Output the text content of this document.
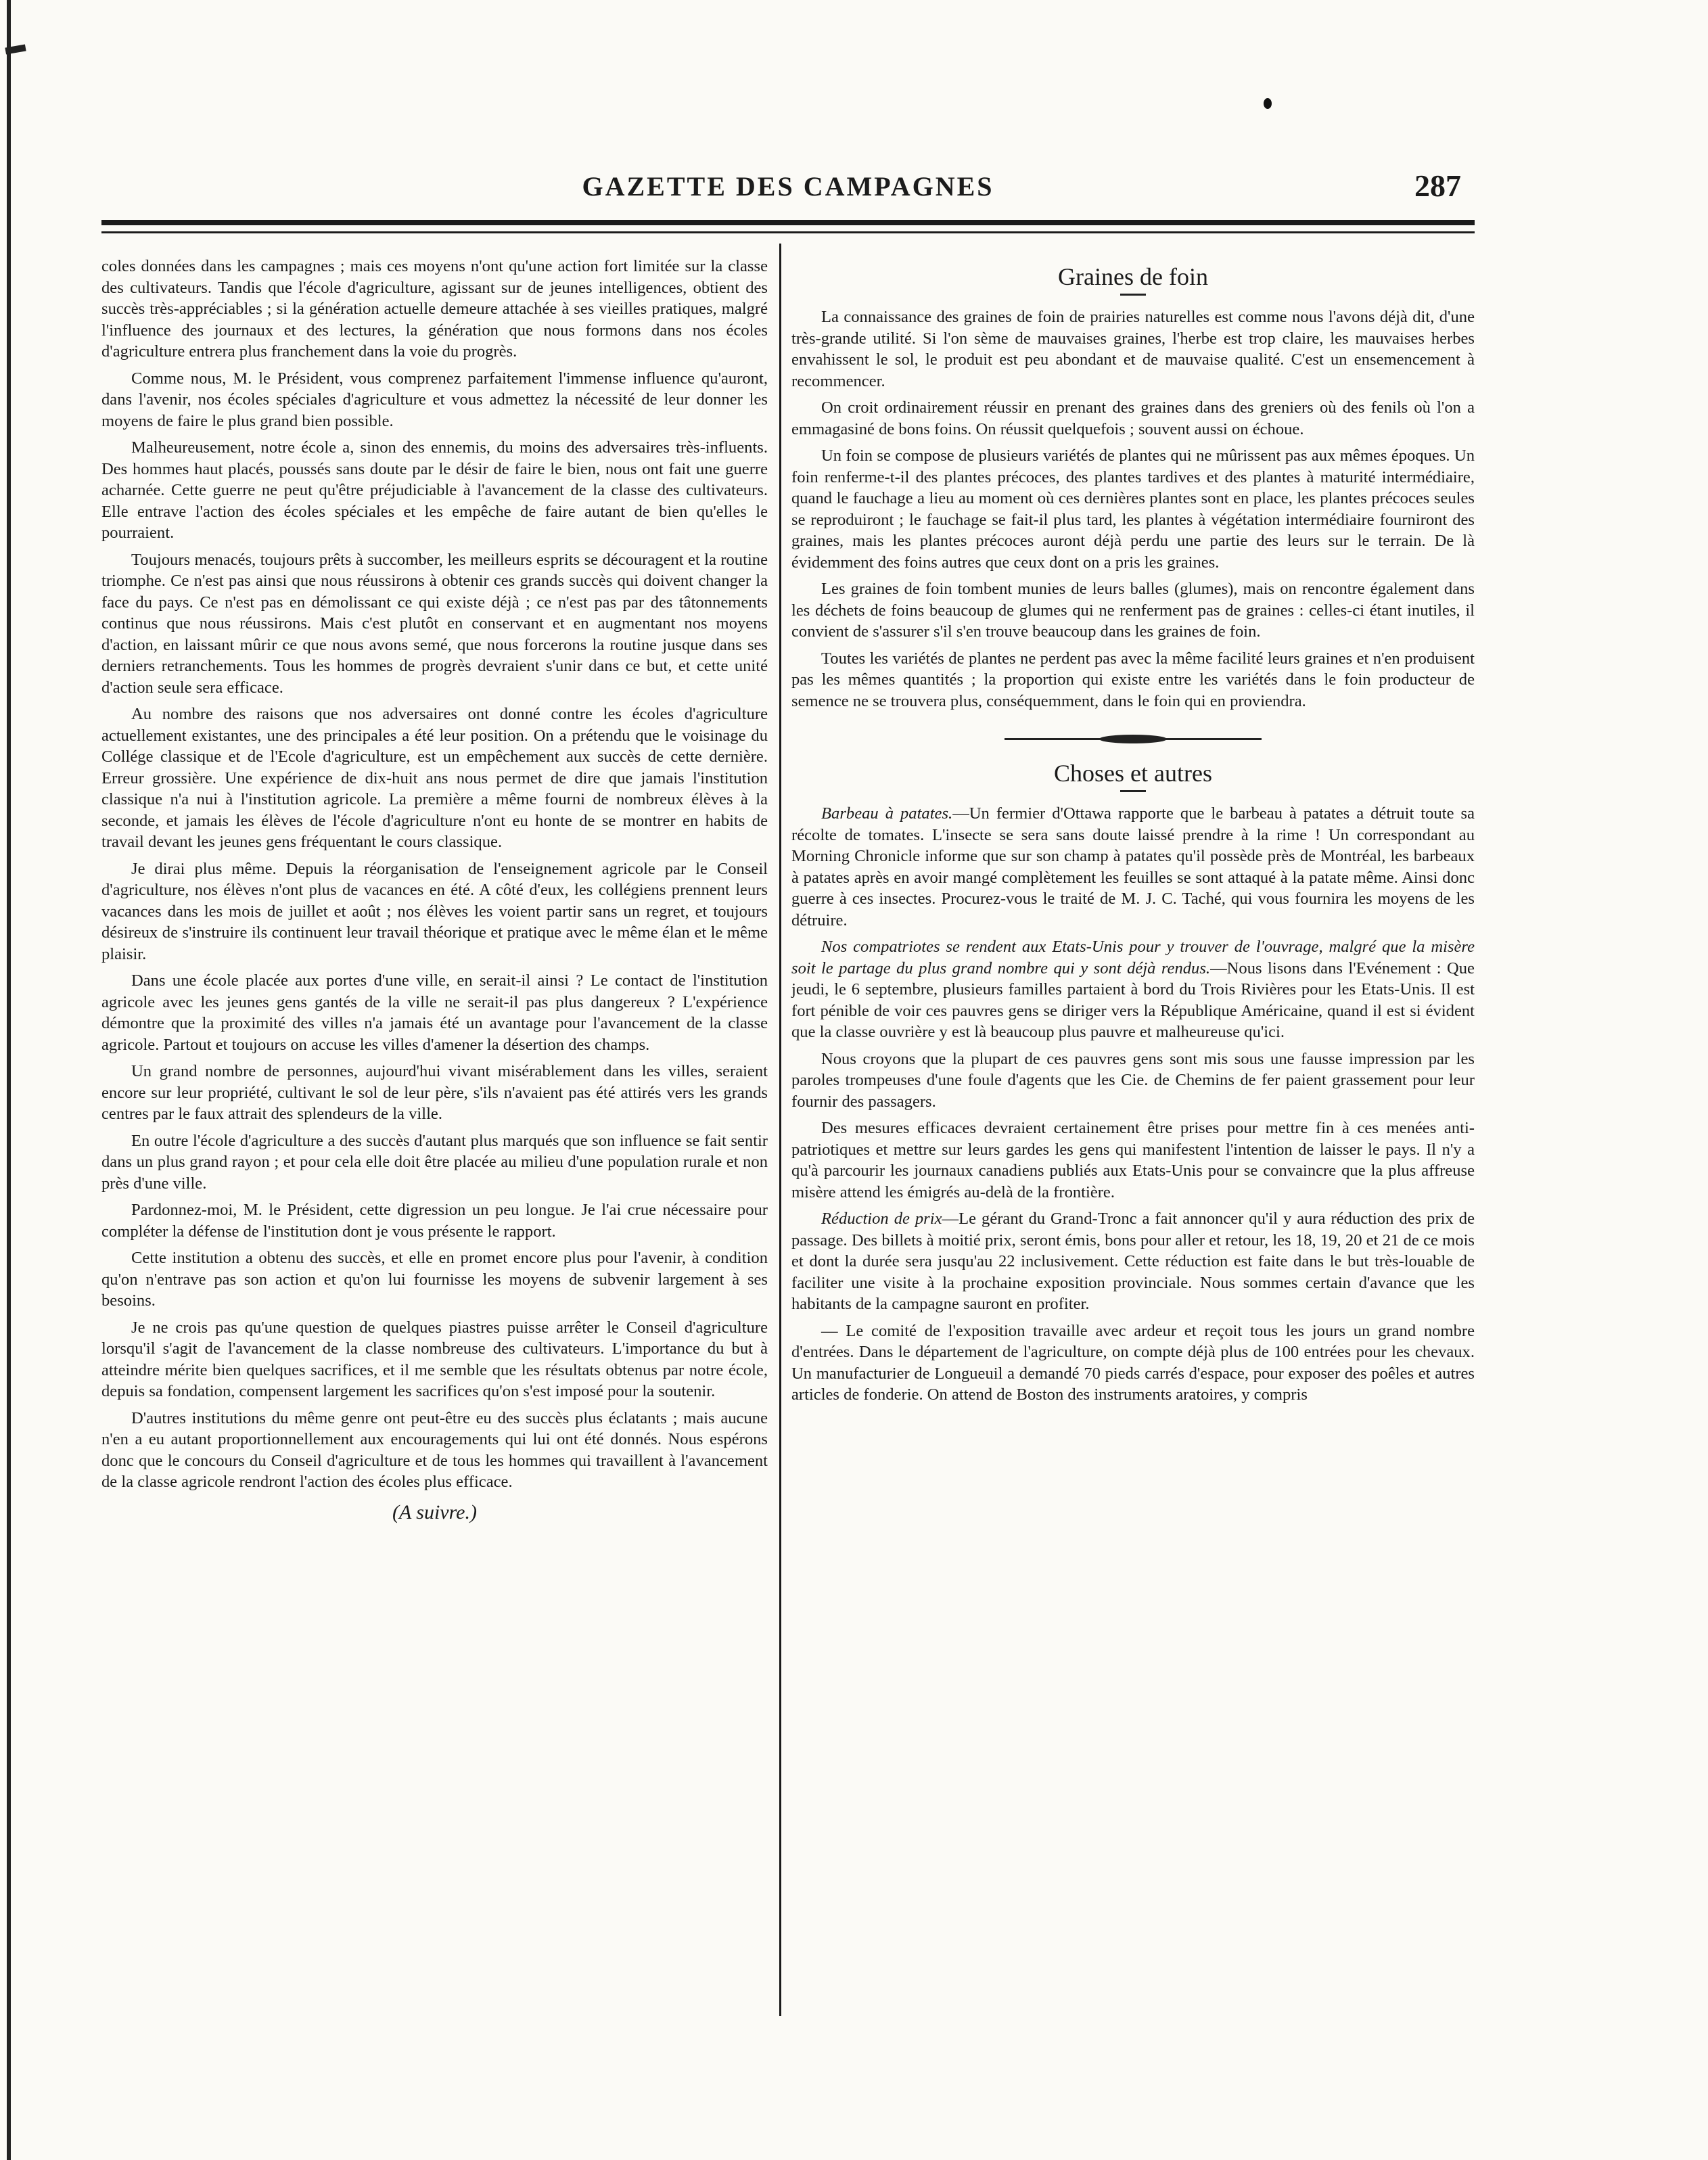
GAZETTE DES CAMPAGNES	287

coles données dans les campagnes ; mais ces moyens n'ont qu'une action fort limitée sur la classe des cultivateurs. Tandis que l'école d'agriculture, agissant sur de jeunes intelligences, obtient des succès très-appréciables ; si la génération actuelle demeure attachée à ses vieilles pratiques, malgré l'influence des journaux et des lectures, la génération que nous formons dans nos écoles d'agriculture entrera plus franchement dans la voie du progrès.

Comme nous, M. le Président, vous comprenez parfaitement l'immense influence qu'auront, dans l'avenir, nos écoles spéciales d'agriculture et vous admettez la nécessité de leur donner les moyens de faire le plus grand bien possible.

Malheureusement, notre école a, sinon des ennemis, du moins des adversaires très-influents. Des hommes haut placés, poussés sans doute par le désir de faire le bien, nous ont fait une guerre acharnée. Cette guerre ne peut qu'être préjudiciable à l'avancement de la classe des cultivateurs. Elle entrave l'action des écoles spéciales et les empêche de faire autant de bien qu'elles le pourraient.

Toujours menacés, toujours prêts à succomber, les meilleurs esprits se découragent et la routine triomphe. Ce n'est pas ainsi que nous réussirons à obtenir ces grands succès qui doivent changer la face du pays. Ce n'est pas en démolissant ce qui existe déjà ; ce n'est pas par des tâtonnements continus que nous réussirons. Mais c'est plutôt en conservant et en augmentant nos moyens d'action, en laissant mûrir ce que nous avons semé, que nous forcerons la routine jusque dans ses derniers retranchements. Tous les hommes de progrès devraient s'unir dans ce but, et cette unité d'action seule sera efficace.

Au nombre des raisons que nos adversaires ont donné contre les écoles d'agriculture actuellement existantes, une des principales a été leur position. On a prétendu que le voisinage du Collége classique et de l'Ecole d'agriculture, est un empêchement aux succès de cette dernière. Erreur grossière. Une expérience de dix-huit ans nous permet de dire que jamais l'institution classique n'a nui à l'institution agricole. La première a même fourni de nombreux élèves à la seconde, et jamais les élèves de l'école d'agriculture n'ont eu honte de se montrer en habits de travail devant les jeunes gens fréquentant le cours classique.

Je dirai plus même. Depuis la réorganisation de l'enseignement agricole par le Conseil d'agriculture, nos élèves n'ont plus de vacances en été. A côté d'eux, les collégiens prennent leurs vacances dans les mois de juillet et août ; nos élèves les voient partir sans un regret, et toujours désireux de s'instruire ils continuent leur travail théorique et pratique avec le même élan et le même plaisir.

Dans une école placée aux portes d'une ville, en serait-il ainsi ? Le contact de l'institution agricole avec les jeunes gens gantés de la ville ne serait-il pas plus dangereux ? L'expérience démontre que la proximité des villes n'a jamais été un avantage pour l'avancement de la classe agricole. Partout et toujours on accuse les villes d'amener la désertion des champs.

Un grand nombre de personnes, aujourd'hui vivant misérablement dans les villes, seraient encore sur leur propriété, cultivant le sol de leur père, s'ils n'avaient pas été attirés vers les grands centres par le faux attrait des splendeurs de la ville.

En outre l'école d'agriculture a des succès d'autant plus marqués que son influence se fait sentir dans un plus grand rayon ; et pour cela elle doit être placée au milieu d'une population rurale et non près d'une ville.

Pardonnez-moi, M. le Président, cette digression un peu longue. Je l'ai crue nécessaire pour compléter la défense de l'institution dont je vous présente le rapport.

Cette institution a obtenu des succès, et elle en promet encore plus pour l'avenir, à condition qu'on n'entrave pas son action et qu'on lui fournisse les moyens de subvenir largement à ses besoins.

Je ne crois pas qu'une question de quelques piastres puisse arrêter le Conseil d'agriculture lorsqu'il s'agit de l'avancement de la classe nombreuse des cultivateurs. L'importance du but à atteindre mérite bien quelques sacrifices, et il me semble que les résultats obtenus par notre école, depuis sa fondation, compensent largement les sacrifices qu'on s'est imposé pour la soutenir.

D'autres institutions du même genre ont peut-être eu des succès plus éclatants ; mais aucune n'en a eu autant proportionnellement aux encouragements qui lui ont été donnés. Nous espérons donc que le concours du Conseil d'agriculture et de tous les hommes qui travaillent à l'avancement de la classe agricole rendront l'action des écoles plus efficace.

(A suivre.)
Graines de foin

La connaissance des graines de foin de prairies naturelles est comme nous l'avons déjà dit, d'une très-grande utilité. Si l'on sème de mauvaises graines, l'herbe est trop claire, les mauvaises herbes envahissent le sol, le produit est peu abondant et de mauvaise qualité. C'est un ensemencement à recommencer.

On croit ordinairement réussir en prenant des graines dans des greniers où des fenils où l'on a emmagasiné de bons foins. On réussit quelquefois ; souvent aussi on échoue.

Un foin se compose de plusieurs variétés de plantes qui ne mûrissent pas aux mêmes époques. Un foin renferme-t-il des plantes précoces, des plantes tardives et des plantes à maturité intermédiaire, quand le fauchage a lieu au moment où ces dernières plantes sont en place, les plantes précoces seules se reproduiront ; le fauchage se fait-il plus tard, les plantes à végétation intermédiaire fourniront des graines, mais les plantes précoces auront déjà perdu une partie des leurs sur le terrain. De là évidemment des foins autres que ceux dont on a pris les graines.

Les graines de foin tombent munies de leurs balles (glumes), mais on rencontre également dans les déchets de foins beaucoup de glumes qui ne renferment pas de graines : celles-ci étant inutiles, il convient de s'assurer s'il s'en trouve beaucoup dans les graines de foin.

Toutes les variétés de plantes ne perdent pas avec la même facilité leurs graines et n'en produisent pas les mêmes quantités ; la proportion qui existe entre les variétés dans le foin producteur de semence ne se trouvera plus, conséquemment, dans le foin qui en proviendra.

Choses et autres

Barbeau à patates.—Un fermier d'Ottawa rapporte que le barbeau à patates a détruit toute sa récolte de tomates. L'insecte se sera sans doute laissé prendre à la rime ! Un correspondant au Morning Chronicle informe que sur son champ à patates qu'il possède près de Montréal, les barbeaux à patates après en avoir mangé complètement les feuilles se sont attaqué à la patate même. Ainsi donc guerre à ces insectes. Procurez-vous le traité de M. J. C. Taché, qui vous fournira les moyens de les détruire.

Nos compatriotes se rendent aux Etats-Unis pour y trouver de l'ouvrage, malgré que la misère soit le partage du plus grand nombre qui y sont déjà rendus.—Nous lisons dans l'Evénement : Que jeudi, le 6 septembre, plusieurs familles partaient à bord du Trois Rivières pour les Etats-Unis. Il est fort pénible de voir ces pauvres gens se diriger vers la République Américaine, quand il est si évident que la classe ouvrière y est là beaucoup plus pauvre et malheureuse qu'ici.

Nous croyons que la plupart de ces pauvres gens sont mis sous une fausse impression par les paroles trompeuses d'une foule d'agents que les Cie. de Chemins de fer paient grassement pour leur fournir des passagers.

Des mesures efficaces devraient certainement être prises pour mettre fin à ces menées anti-patriotiques et mettre sur leurs gardes les gens qui manifestent l'intention de laisser le pays. Il n'y a qu'à parcourir les journaux canadiens publiés aux Etats-Unis pour se convaincre que la plus affreuse misère attend les émigrés au-delà de la frontière.

Réduction de prix—Le gérant du Grand-Tronc a fait annoncer qu'il y aura réduction des prix de passage. Des billets à moitié prix, seront émis, bons pour aller et retour, les 18, 19, 20 et 21 de ce mois et dont la durée sera jusqu'au 22 inclusivement. Cette réduction est faite dans le but très-louable de faciliter une visite à la prochaine exposition provinciale. Nous sommes certain d'avance que les habitants de la campagne sauront en profiter.

— Le comité de l'exposition travaille avec ardeur et reçoit tous les jours un grand nombre d'entrées. Dans le département de l'agriculture, on compte déjà plus de 100 entrées pour les chevaux. Un manufacturier de Longueuil a demandé 70 pieds carrés d'espace, pour exposer des poêles et autres articles de fonderie. On attend de Boston des instruments aratoires, y compris
